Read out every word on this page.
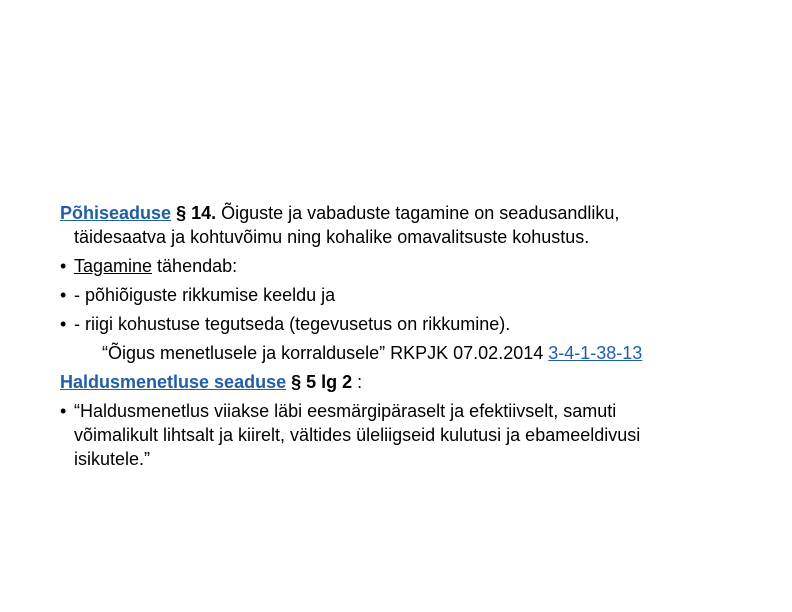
Põhiseaduse § 14. Õiguste ja vabaduste tagamine on seadusandliku,
täidesaatva ja kohtuvõimu ning kohalike omavalitsuste kohustus.
• Tagamine tähendab:
• - põhiõiguste rikkumise keeldu ja
• - riigi kohustuse tegutseda (tegevusetus on rikkumine).
“Õigus menetlusele ja korraldusele” RKPJK 07.02.2014 3-4-1-38-13
Haldusmenetluse seaduse § 5 lg 2 :
• “Haldusmenetlus viiakse läbi eesmärgipäraselt ja efektiivselt, samuti
võimalikult lihtsalt ja kiirelt, vältides üleliigseid kulutusi ja ebameeldivusi
isikutele.”
